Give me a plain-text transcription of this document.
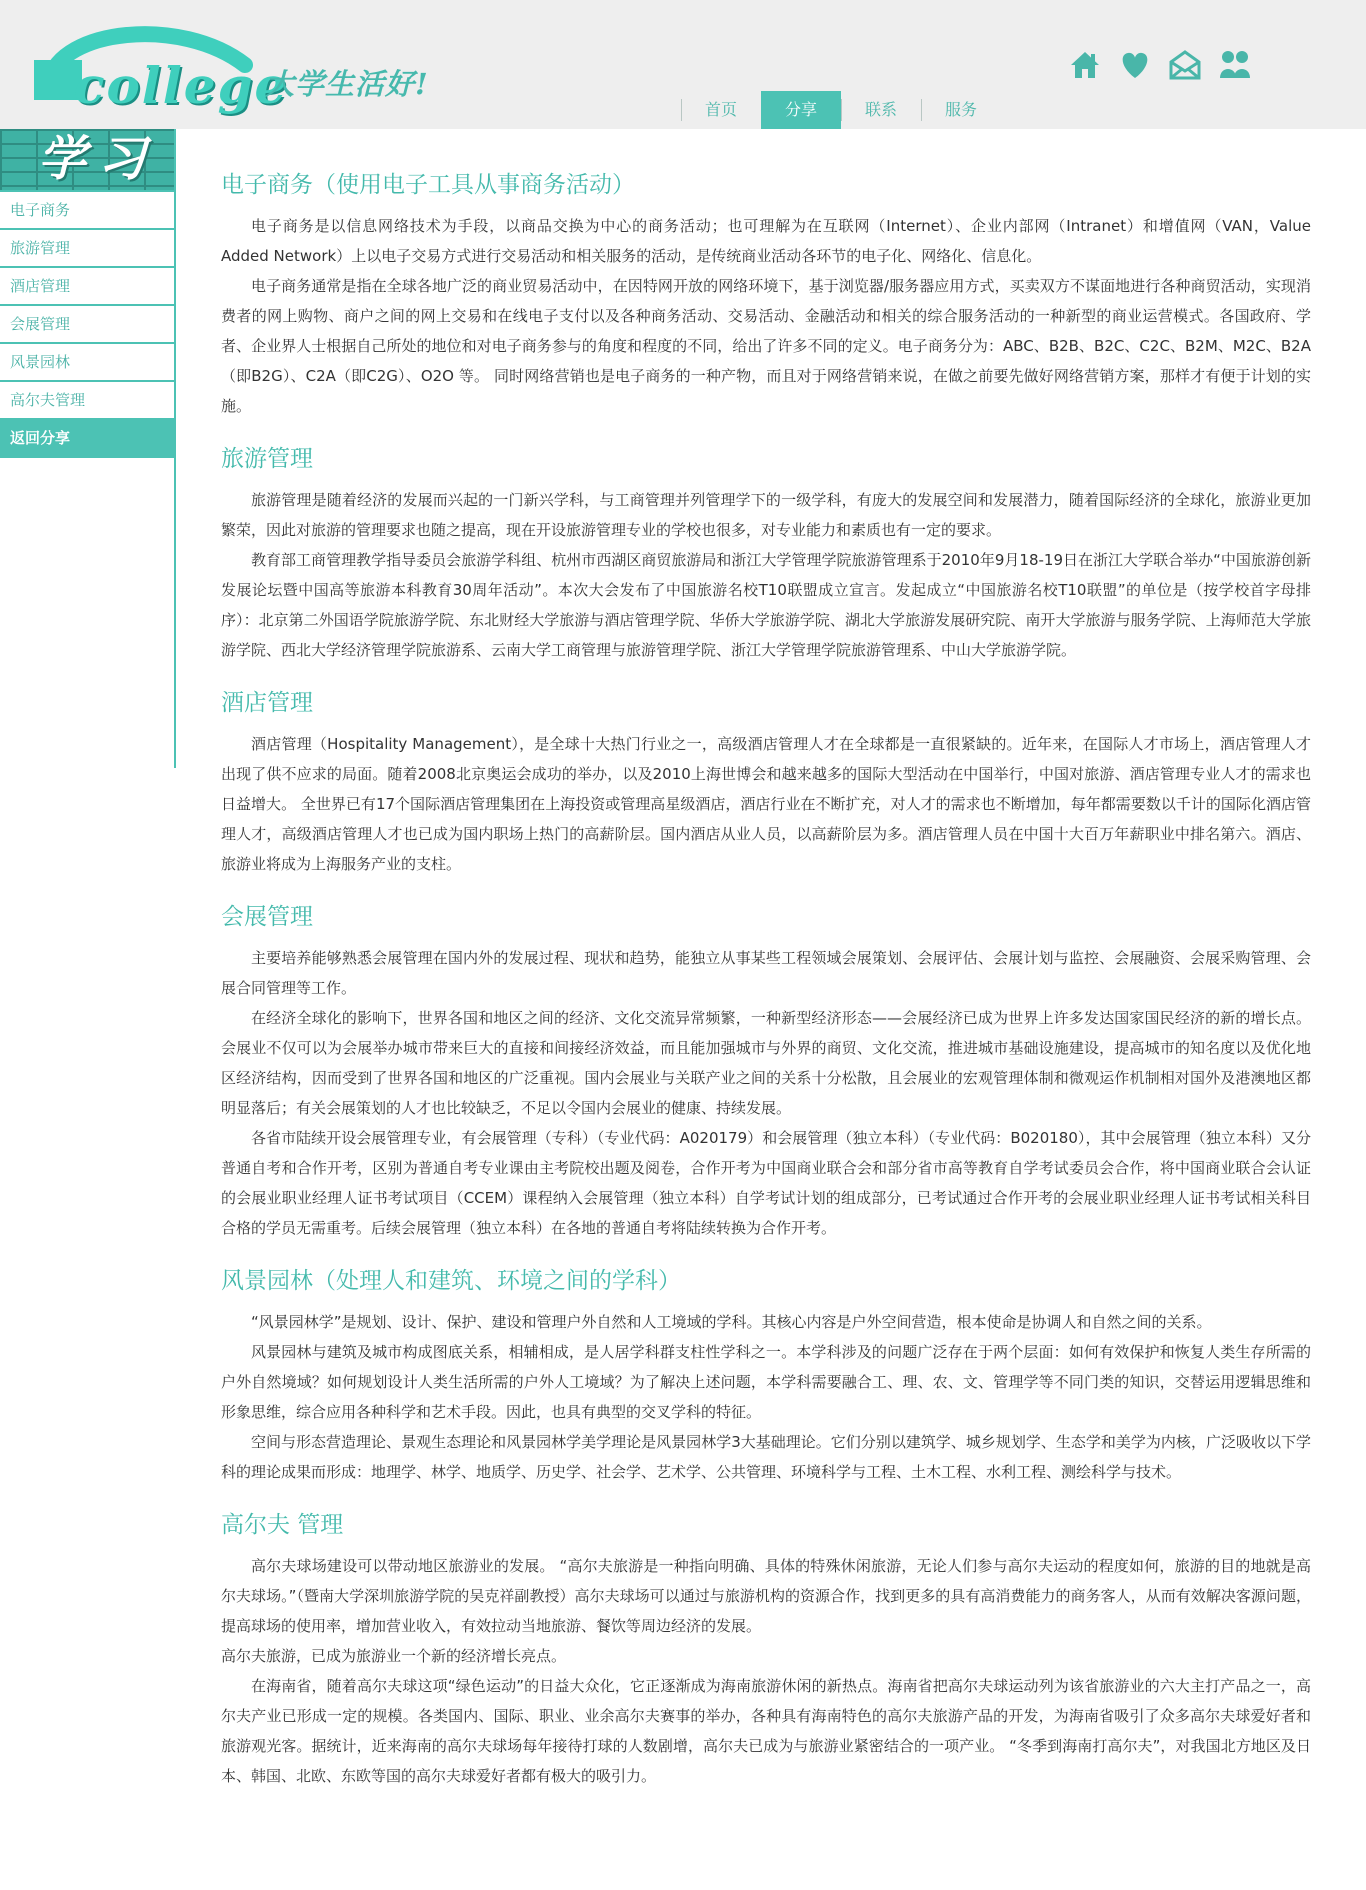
college
大学生活好!
首页	分享	联系	服务
学习
电子商务
旅游管理
酒店管理
会展管理
风景园林
高尔夫管理
返回分享
电子商务（使用电子工具从事商务活动）

电子商务是以信息网络技术为手段，以商品交换为中心的商务活动；也可理解为在互联网（Internet）、企业内部网（Intranet）和增值网（VAN，Value Added Network）上以电子交易方式进行交易活动和相关服务的活动，是传统商业活动各环节的电子化、网络化、信息化。

电子商务通常是指在全球各地广泛的商业贸易活动中，在因特网开放的网络环境下，基于浏览器/服务器应用方式，买卖双方不谋面地进行各种商贸活动，实现消费者的网上购物、商户之间的网上交易和在线电子支付以及各种商务活动、交易活动、金融活动和相关的综合服务活动的一种新型的商业运营模式。各国政府、学者、企业界人士根据自己所处的地位和对电子商务参与的角度和程度的不同，给出了许多不同的定义。电子商务分为：ABC、B2B、B2C、C2C、B2M、M2C、B2A（即B2G）、C2A（即C2G）、O2O 等。 同时网络营销也是电子商务的一种产物，而且对于网络营销来说，在做之前要先做好网络营销方案，那样才有便于计划的实施。

旅游管理

旅游管理是随着经济的发展而兴起的一门新兴学科，与工商管理并列管理学下的一级学科，有庞大的发展空间和发展潜力，随着国际经济的全球化，旅游业更加繁荣，因此对旅游的管理要求也随之提高，现在开设旅游管理专业的学校也很多，对专业能力和素质也有一定的要求。

教育部工商管理教学指导委员会旅游学科组、杭州市西湖区商贸旅游局和浙江大学管理学院旅游管理系于2010年9月18-19日在浙江大学联合举办“中国旅游创新发展论坛暨中国高等旅游本科教育30周年活动”。本次大会发布了中国旅游名校T10联盟成立宣言。发起成立“中国旅游名校T10联盟”的单位是（按学校首字母排序）：北京第二外国语学院旅游学院、东北财经大学旅游与酒店管理学院、华侨大学旅游学院、湖北大学旅游发展研究院、南开大学旅游与服务学院、上海师范大学旅游学院、西北大学经济管理学院旅游系、云南大学工商管理与旅游管理学院、浙江大学管理学院旅游管理系、中山大学旅游学院。

酒店管理

酒店管理（Hospitality Management），是全球十大热门行业之一，高级酒店管理人才在全球都是一直很紧缺的。近年来，在国际人才市场上，酒店管理人才出现了供不应求的局面。随着2008北京奥运会成功的举办，以及2010上海世博会和越来越多的国际大型活动在中国举行，中国对旅游、酒店管理专业人才的需求也日益增大。 全世界已有17个国际酒店管理集团在上海投资或管理高星级酒店，酒店行业在不断扩充，对人才的需求也不断增加，每年都需要数以千计的国际化酒店管理人才，高级酒店管理人才也已成为国内职场上热门的高薪阶层。国内酒店从业人员，以高薪阶层为多。酒店管理人员在中国十大百万年薪职业中排名第六。酒店、旅游业将成为上海服务产业的支柱。

会展管理

主要培养能够熟悉会展管理在国内外的发展过程、现状和趋势，能独立从事某些工程领域会展策划、会展评估、会展计划与监控、会展融资、会展采购管理、会展合同管理等工作。

在经济全球化的影响下，世界各国和地区之间的经济、文化交流异常频繁，一种新型经济形态——会展经济已成为世界上许多发达国家国民经济的新的增长点。会展业不仅可以为会展举办城市带来巨大的直接和间接经济效益，而且能加强城市与外界的商贸、文化交流，推进城市基础设施建设，提高城市的知名度以及优化地区经济结构，因而受到了世界各国和地区的广泛重视。国内会展业与关联产业之间的关系十分松散，且会展业的宏观管理体制和微观运作机制相对国外及港澳地区都明显落后；有关会展策划的人才也比较缺乏，不足以令国内会展业的健康、持续发展。

各省市陆续开设会展管理专业，有会展管理（专科）（专业代码：A020179）和会展管理（独立本科）（专业代码：B020180），其中会展管理（独立本科）又分普通自考和合作开考，区别为普通自考专业课由主考院校出题及阅卷，合作开考为中国商业联合会和部分省市高等教育自学考试委员会合作，将中国商业联合会认证的会展业职业经理人证书考试项目（CCEM）课程纳入会展管理（独立本科）自学考试计划的组成部分，已考试通过合作开考的会展业职业经理人证书考试相关科目合格的学员无需重考。后续会展管理（独立本科）在各地的普通自考将陆续转换为合作开考。

风景园林（处理人和建筑、环境之间的学科）

“风景园林学”是规划、设计、保护、建设和管理户外自然和人工境域的学科。其核心内容是户外空间营造，根本使命是协调人和自然之间的关系。

风景园林与建筑及城市构成图底关系，相辅相成，是人居学科群支柱性学科之一。本学科涉及的问题广泛存在于两个层面：如何有效保护和恢复人类生存所需的户外自然境域？如何规划设计人类生活所需的户外人工境域？为了解决上述问题，本学科需要融合工、理、农、文、管理学等不同门类的知识，交替运用逻辑思维和形象思维，综合应用各种科学和艺术手段。因此，也具有典型的交叉学科的特征。

空间与形态营造理论、景观生态理论和风景园林学美学理论是风景园林学3大基础理论。它们分别以建筑学、城乡规划学、生态学和美学为内核，广泛吸收以下学科的理论成果而形成：地理学、林学、地质学、历史学、社会学、艺术学、公共管理、环境科学与工程、土木工程、水利工程、测绘科学与技术。

高尔夫 管理

高尔夫球场建设可以带动地区旅游业的发展。 “高尔夫旅游是一种指向明确、具体的特殊休闲旅游，无论人们参与高尔夫运动的程度如何，旅游的目的地就是高尔夫球场。”（暨南大学深圳旅游学院的吴克祥副教授）高尔夫球场可以通过与旅游机构的资源合作，找到更多的具有高消费能力的商务客人，从而有效解决客源问题，提高球场的使用率，增加营业收入，有效拉动当地旅游、餐饮等周边经济的发展。

高尔夫旅游，已成为旅游业一个新的经济增长亮点。

在海南省，随着高尔夫球这项“绿色运动”的日益大众化，它正逐渐成为海南旅游休闲的新热点。海南省把高尔夫球运动列为该省旅游业的六大主打产品之一，高尔夫产业已形成一定的规模。各类国内、国际、职业、业余高尔夫赛事的举办，各种具有海南特色的高尔夫旅游产品的开发，为海南省吸引了众多高尔夫球爱好者和旅游观光客。据统计，近来海南的高尔夫球场每年接待打球的人数剧增，高尔夫已成为与旅游业紧密结合的一项产业。 “冬季到海南打高尔夫”，对我国北方地区及日本、韩国、北欧、东欧等国的高尔夫球爱好者都有极大的吸引力。
